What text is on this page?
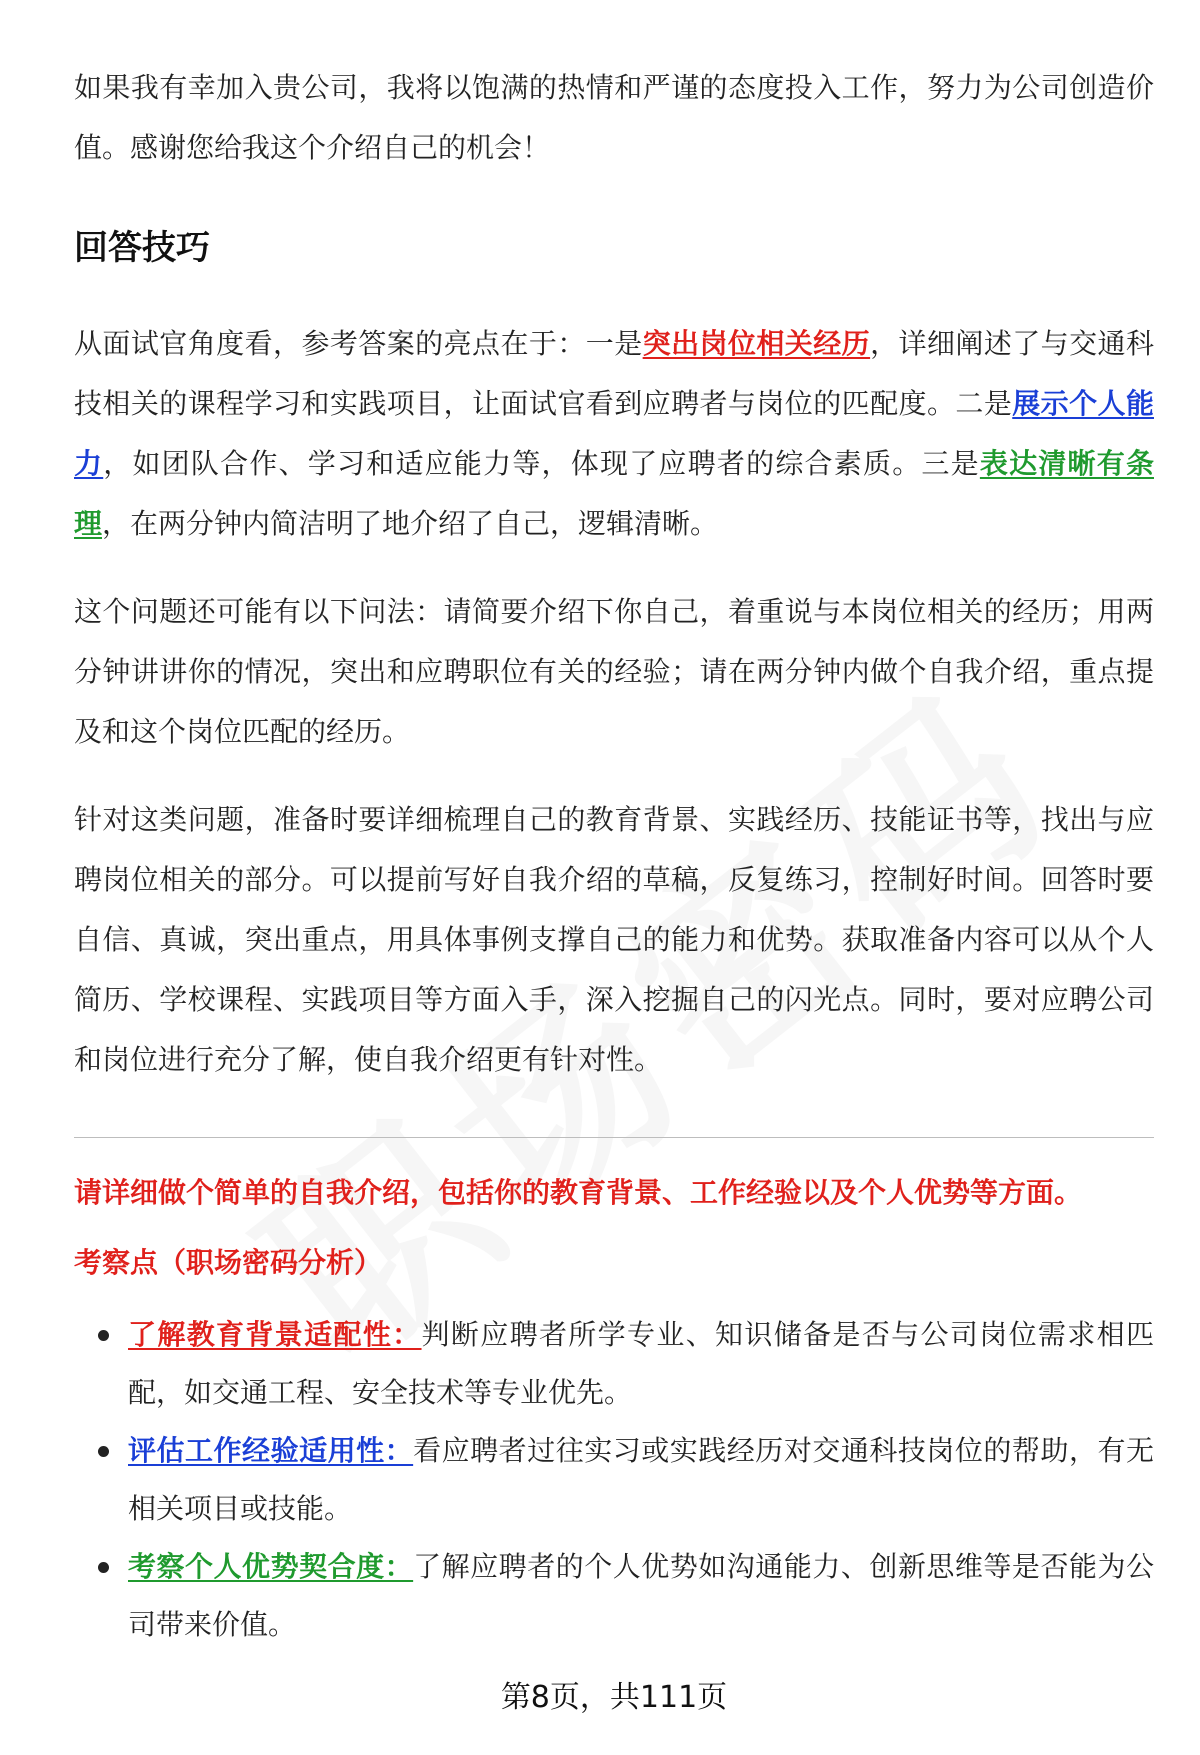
如果我有幸加入贵公司，我将以饱满的热情和严谨的态度投入工作，努力为公司创造价值。感谢您给我这个介绍自己的机会！

回答技巧

从面试官角度看，参考答案的亮点在于：一是突出岗位相关经历，详细阐述了与交通科技相关的课程学习和实践项目，让面试官看到应聘者与岗位的匹配度。二是展示个人能力，如团队合作、学习和适应能力等，体现了应聘者的综合素质。三是表达清晰有条理，在两分钟内简洁明了地介绍了自己，逻辑清晰。

这个问题还可能有以下问法：请简要介绍下你自己，着重说与本岗位相关的经历；用两分钟讲讲你的情况，突出和应聘职位有关的经验；请在两分钟内做个自我介绍，重点提及和这个岗位匹配的经历。

针对这类问题，准备时要详细梳理自己的教育背景、实践经历、技能证书等，找出与应聘岗位相关的部分。可以提前写好自我介绍的草稿，反复练习，控制好时间。回答时要自信、真诚，突出重点，用具体事例支撑自己的能力和优势。获取准备内容可以从个人简历、学校课程、实践项目等方面入手，深入挖掘自己的闪光点。同时，要对应聘公司和岗位进行充分了解，使自我介绍更有针对性。

请详细做个简单的自我介绍，包括你的教育背景、工作经验以及个人优势等方面。

考察点（职场密码分析）

了解教育背景适配性：判断应聘者所学专业、知识储备是否与公司岗位需求相匹配，如交通工程、安全技术等专业优先。
评估工作经验适用性：看应聘者过往实习或实践经历对交通科技岗位的帮助，有无相关项目或技能。
考察个人优势契合度：了解应聘者的个人优势如沟通能力、创新思维等是否能为公司带来价值。

第8页，共111页
